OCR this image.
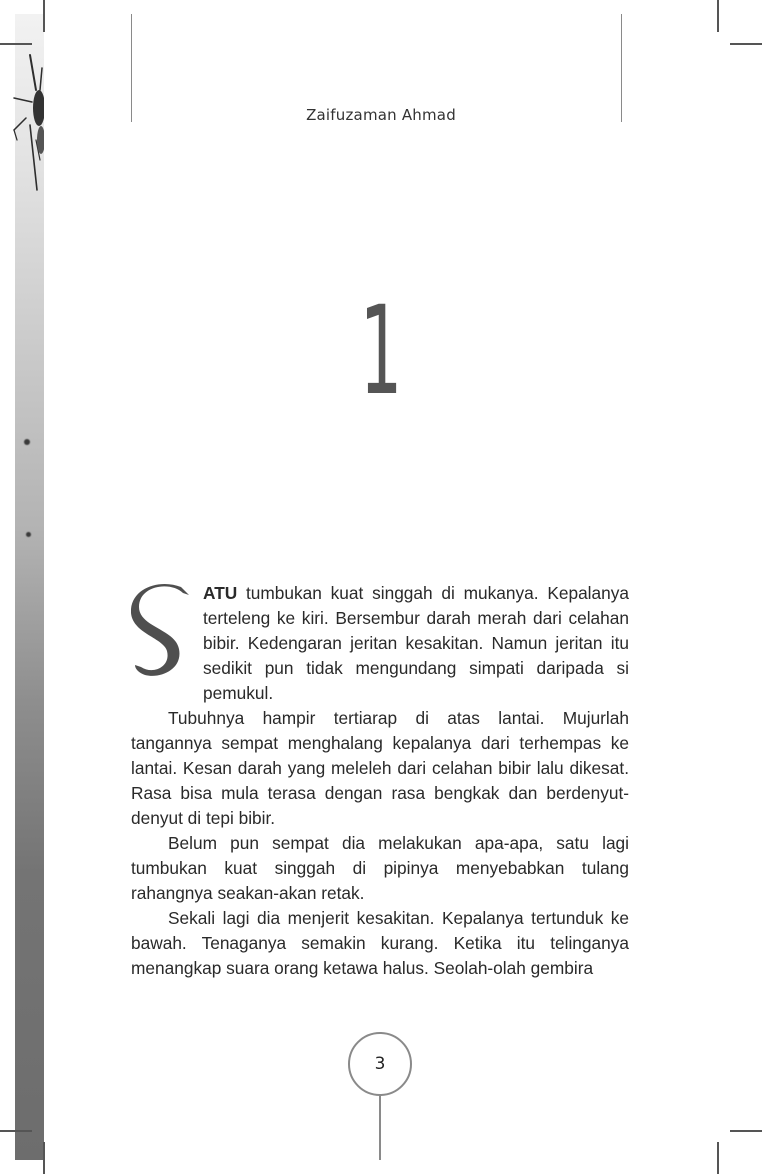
Zaifuzaman Ahmad
1

ATU tumbukan kuat singgah di mukanya. Kepalanya terteleng ke kiri. Bersembur darah merah dari celahan bibir. Kedengaran jeritan kesakitan. Namun jeritan itu sedikit pun tidak mengundang simpati daripada si pemukul.

Tubuhnya hampir tertiarap di atas lantai. Mujurlah tangannya sempat menghalang kepalanya dari terhempas ke lantai. Kesan darah yang meleleh dari celahan bibir lalu dikesat. Rasa bisa mula terasa dengan rasa bengkak dan berdenyut-denyut di tepi bibir.

Belum pun sempat dia melakukan apa-apa, satu lagi tumbukan kuat singgah di pipinya menyebabkan tulang rahangnya seakan-akan retak.

Sekali lagi dia menjerit kesakitan. Kepalanya tertunduk ke bawah. Tenaganya semakin kurang. Ketika itu telinganya menangkap suara orang ketawa halus. Seolah-olah gembira

3
